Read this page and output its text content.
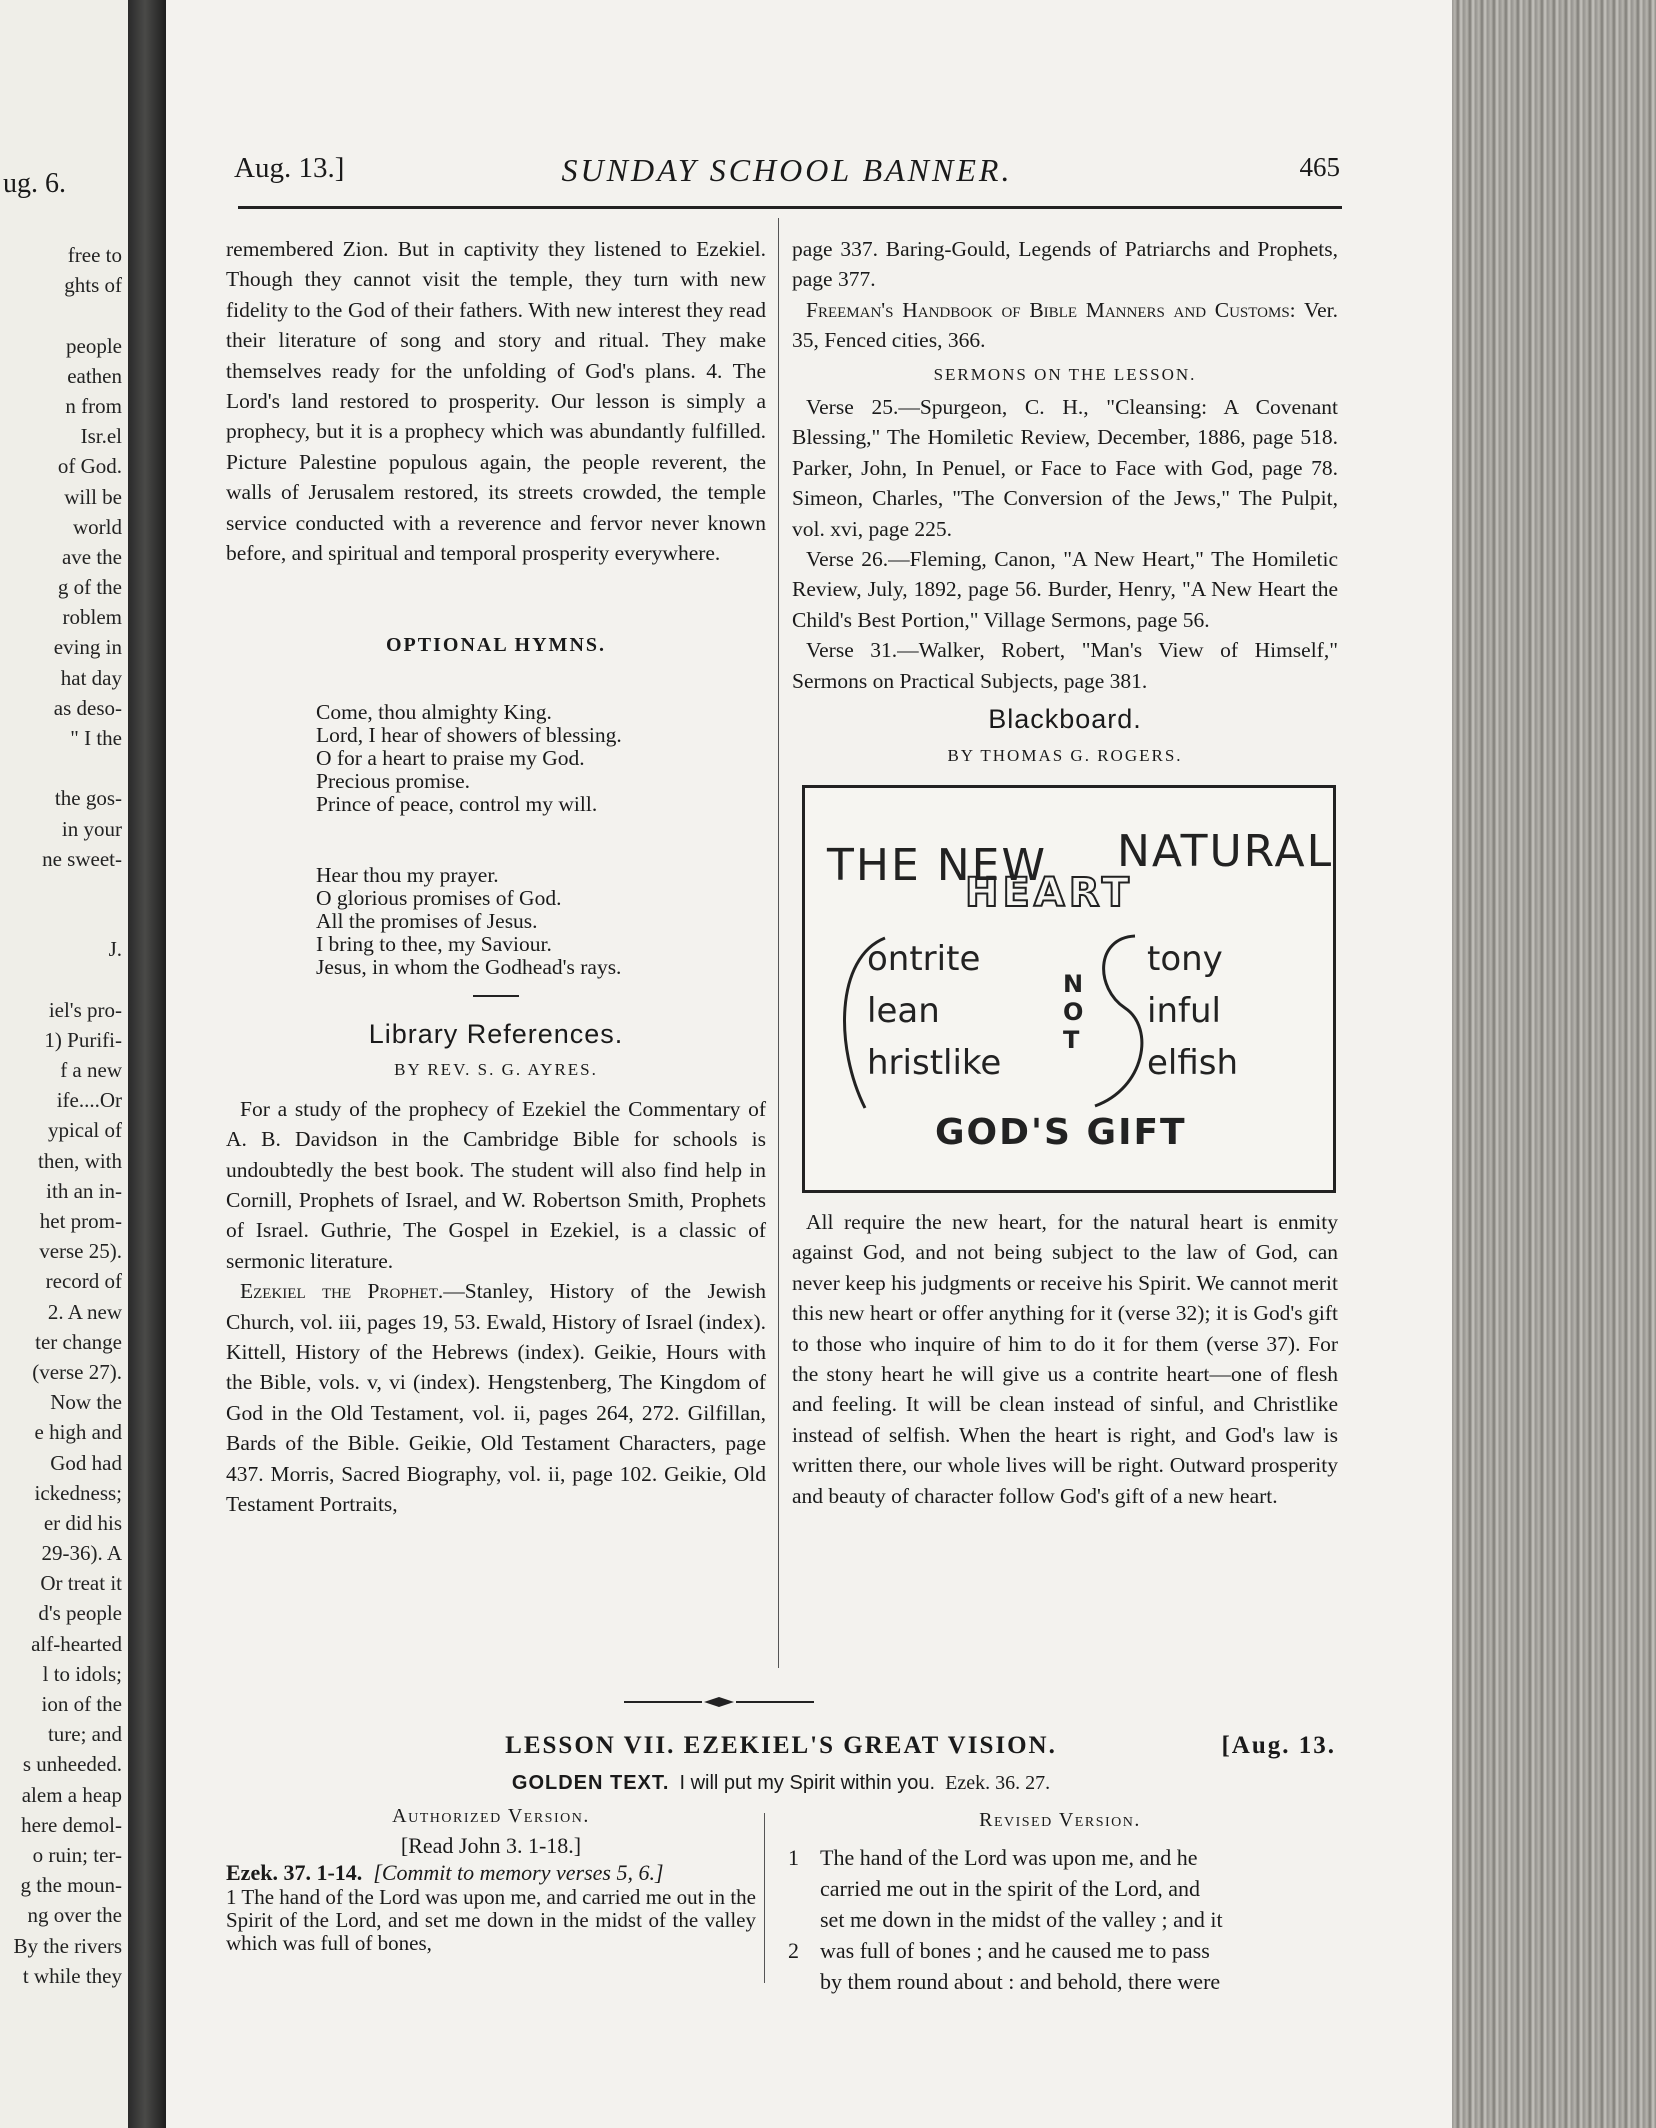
ug. 6.
free to
ghts of
people
eathen
n from
Isr.el
of God.
will be
world
ave the
g of the
roblem
eving in
hat day
as deso-
" I the
the gos-
in your
ne sweet-
J.
iel's pro-
1) Purifi-
f a new
ife....Or
ypical of
then, with
ith an in-
het prom-
verse 25).
record of
2. A new
ter change
(verse 27).
Now the
e high and
God had
ickedness;
er did his
29-36). A
Or treat it
d's people
alf-hearted
l to idols;
ion of the
ture; and
s unheeded.
alem a heap
here demol-
o ruin; ter-
g the moun-
ng over the
By the rivers
t while they
Aug. 13.]	SUNDAY SCHOOL BANNER.	465

remembered Zion. But in captivity they listened to Ezekiel. Though they cannot visit the temple, they turn with new fidelity to the God of their fathers. With new interest they read their literature of song and story and ritual. They make themselves ready for the unfolding of God's plans. 4. The Lord's land restored to prosperity. Our lesson is simply a prophecy, but it is a prophecy which was abundantly fulfilled. Picture Palestine populous again, the people reverent, the walls of Jerusalem restored, its streets crowded, the temple service conducted with a reverence and fervor never known before, and spiritual and temporal prosperity everywhere.

OPTIONAL HYMNS.
Come, thou almighty King.
Lord, I hear of showers of blessing.
O for a heart to praise my God.
Precious promise.
Prince of peace, control my will.
Hear thou my prayer.
O glorious promises of God.
All the promises of Jesus.
I bring to thee, my Saviour.
Jesus, in whom the Godhead's rays.
Library References.
BY REV. S. G. AYRES.

For a study of the prophecy of Ezekiel the Commentary of A. B. Davidson in the Cambridge Bible for schools is undoubtedly the best book. The student will also find help in Cornill, Prophets of Israel, and W. Robertson Smith, Prophets of Israel. Guthrie, The Gospel in Ezekiel, is a classic of sermonic literature.

Ezekiel the Prophet.—Stanley, History of the Jewish Church, vol. iii, pages 19, 53. Ewald, History of Israel (index). Kittell, History of the Hebrews (index). Geikie, Hours with the Bible, vols. v, vi (index). Hengstenberg, The Kingdom of God in the Old Testament, vol. ii, pages 264, 272. Gilfillan, Bards of the Bible. Geikie, Old Testament Characters, page 437. Morris, Sacred Biography, vol. ii, page 102. Geikie, Old Testament Portraits,

page 337. Baring-Gould, Legends of Patriarchs and Prophets, page 377.

Freeman's Handbook of Bible Manners and Customs: Ver. 35, Fenced cities, 366.

SERMONS ON THE LESSON.

Verse 25.—Spurgeon, C. H., "Cleansing: A Covenant Blessing," The Homiletic Review, December, 1886, page 518. Parker, John, In Penuel, or Face to Face with God, page 78. Simeon, Charles, "The Conversion of the Jews," The Pulpit, vol. xvi, page 225.

Verse 26.—Fleming, Canon, "A New Heart," The Homiletic Review, July, 1892, page 56. Burder, Henry, "A New Heart the Child's Best Portion," Village Sermons, page 56.

Verse 31.—Walker, Robert, "Man's View of Himself," Sermons on Practical Subjects, page 381.

Blackboard.
BY THOMAS G. ROGERS.
THE NEW NATURAL
HEART
ontrite
lean
hristlike
N O T
tony
inful
elfish
GOD'S GIFT

All require the new heart, for the natural heart is enmity against God, and not being subject to the law of God, can never keep his judgments or receive his Spirit. We cannot merit this new heart or offer anything for it (verse 32); it is God's gift to those who inquire of him to do it for them (verse 37). For the stony heart he will give us a contrite heart—one of flesh and feeling. It will be clean instead of sinful, and Christlike instead of selfish. When the heart is right, and God's law is written there, our whole lives will be right. Outward prosperity and beauty of character follow God's gift of a new heart.

LESSON VII. EZEKIEL'S GREAT VISION.	[Aug. 13.
GOLDEN TEXT. I will put my Spirit within you. Ezek. 36. 27.
Authorized Version.
[Read John 3. 1-18.]
Ezek. 37. 1-14. [Commit to memory verses 5, 6.]
1 The hand of the Lord was upon me, and carried me out in the Spirit of the Lord, and set me down in the midst of the valley which was full of bones,
Revised Version.
1 The hand of the Lord was upon me, and he
carried me out in the spirit of the Lord, and
set me down in the midst of the valley ; and it
2 was full of bones ; and he caused me to pass
by them round about : and behold, there were
